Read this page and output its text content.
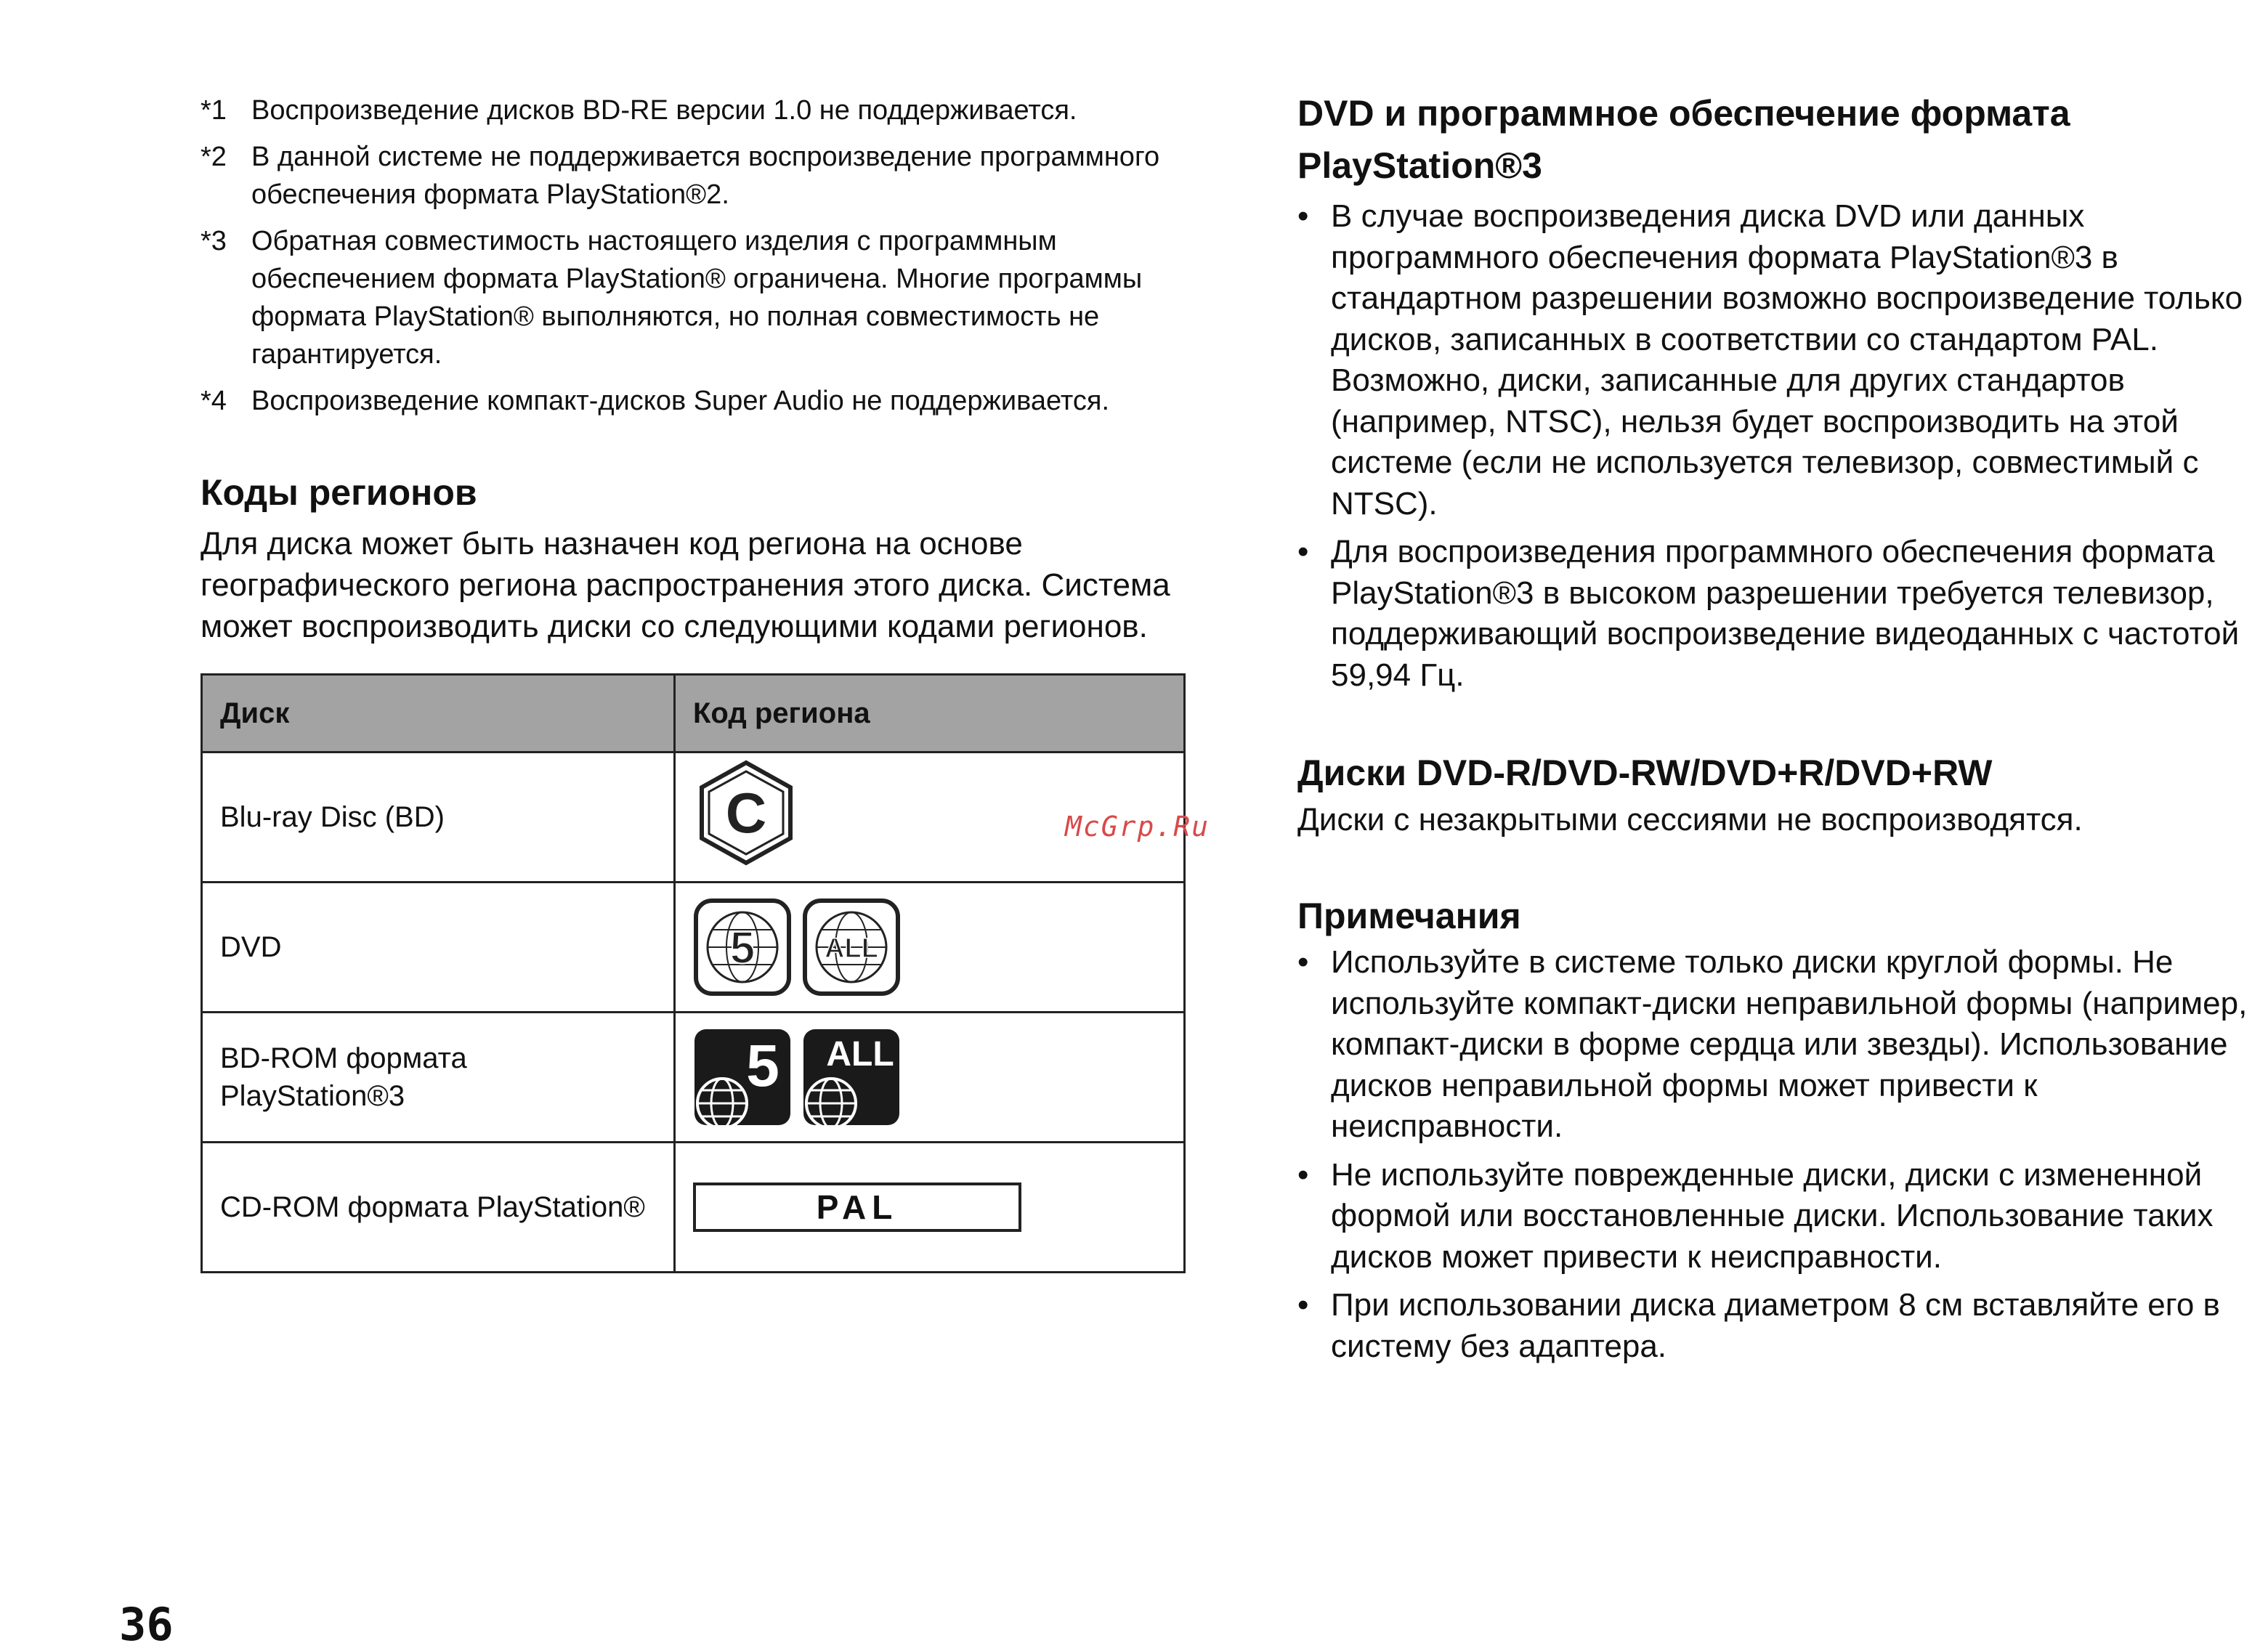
*1 Воспроизведение дисков BD-RE версии 1.0 не поддерживается.
*2 В данной системе не поддерживается воспроизведение программного обеспечения формата PlayStation®2.
*3 Обратная совместимость настоящего изделия с программным обеспечением формата PlayStation® ограничена. Многие программы формата PlayStation® выполняются, но полная совместимость не гарантируется.
*4 Воспроизведение компакт-дисков Super Audio не поддерживается.
Коды регионов

Для диска может быть назначен код региона на основе географического региона распространения этого диска. Система может воспроизводить диски со следующими кодами регионов.

Диск	Код региона
Blu-ray Disc (BD)	C

DVD	5 ALL

BD-ROM формата PlayStation®3	5 ALL

CD-ROM формата PlayStation®	PAL
McGrp.Ru
DVD и программное обеспечение формата PlayStation®3
• В случае воспроизведения диска DVD или данных программного обеспечения формата PlayStation®3 в стандартном разрешении возможно воспроизведение только дисков, записанных в соответствии со стандартом PAL. Возможно, диски, записанные для других стандартов (например, NTSC), нельзя будет воспроизводить на этой системе (если не используется телевизор, совместимый с NTSC).
• Для воспроизведения программного обеспечения формата PlayStation®3 в высоком разрешении требуется телевизор, поддерживающий воспроизведение видеоданных с частотой 59,94 Гц.
Диски DVD-R/DVD-RW/DVD+R/DVD+RW

Диски с незакрытыми сессиями не воспроизводятся.

Примечания
• Используйте в системе только диски круглой формы. Не используйте компакт-диски неправильной формы (например, компакт-диски в форме сердца или звезды). Использование дисков неправильной формы может привести к неисправности.
• Не используйте поврежденные диски, диски с измененной формой или восстановленные диски. Использование таких дисков может привести к неисправности.
• При использовании диска диаметром 8 см вставляйте его в систему без адаптера.
36
